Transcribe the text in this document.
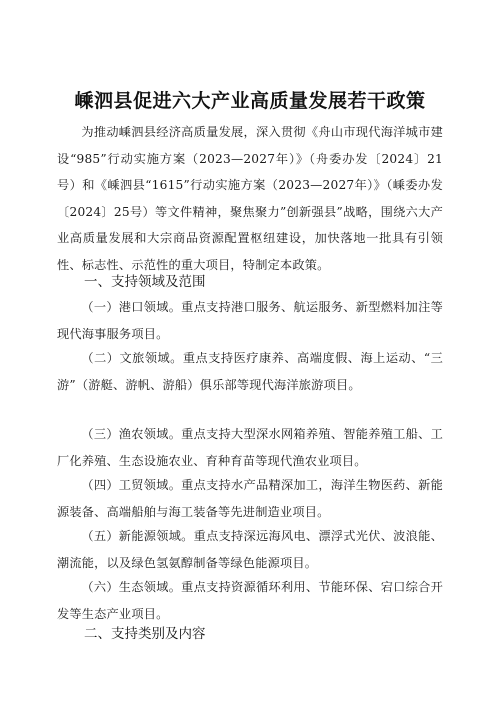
嵊泗县促进六大产业高质量发展若干政策

为推动嵊泗县经济高质量发展，深入贯彻《舟山市现代海洋城市建设“985”行动实施方案（2023—2027年）》（舟委办发〔2024〕21号）和《嵊泗县“1615”行动实施方案（2023—2027年）》（嵊委办发〔2024〕25号）等文件精神，聚焦聚力”创新强县”战略，围绕六大产业高质量发展和大宗商品资源配置枢纽建设，加快落地一批具有引领性、标志性、示范性的重大项目，特制定本政策。

一、支持领域及范围

（一）港口领域。重点支持港口服务、航运服务、新型燃料加注等现代海事服务项目。

（二）文旅领域。重点支持医疗康养、高端度假、海上运动、“三游”（游艇、游帆、游船）俱乐部等现代海洋旅游项目。

（三）渔农领域。重点支持大型深水网箱养殖、智能养殖工船、工厂化养殖、生态设施农业、育种育苗等现代渔农业项目。

（四）工贸领域。重点支持水产品精深加工，海洋生物医药、新能源装备、高端船舶与海工装备等先进制造业项目。

（五）新能源领域。重点支持深远海风电、漂浮式光伏、波浪能、潮流能，以及绿色氢氨醇制备等绿色能源项目。

（六）生态领域。重点支持资源循环利用、节能环保、宕口综合开发等生态产业项目。

二、支持类别及内容
